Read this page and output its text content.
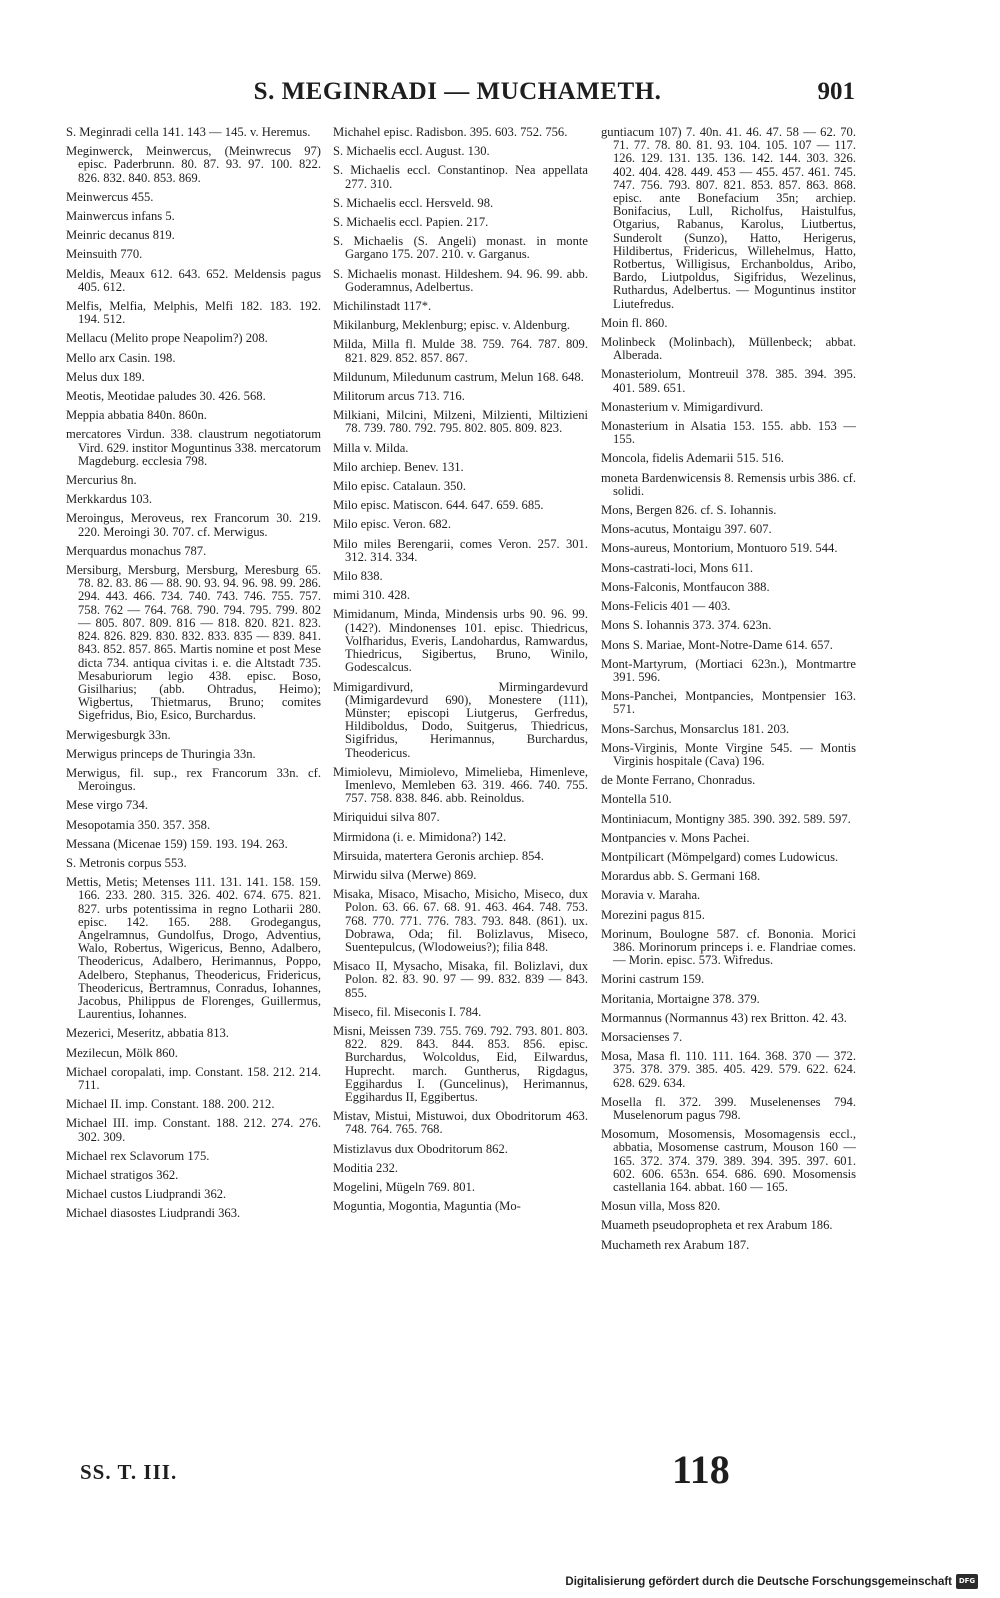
S. MEGINRADI — MUCHAMETH.	901

S. Meginradi cella 141. 143 — 145. v. Heremus.

Meginwerck, Meinwercus, (Meinwrecus 97) episc. Paderbrunn. 80. 87. 93. 97. 100. 822. 826. 832. 840. 853. 869.

Meinwercus 455.

Mainwercus infans 5.

Meinric decanus 819.

Meinsuith 770.

Meldis, Meaux 612. 643. 652. Meldensis pagus 405. 612.

Melfis, Melfia, Melphis, Melfi 182. 183. 192. 194. 512.

Mellacu (Melito prope Neapolim?) 208.

Mello arx Casin. 198.

Melus dux 189.

Meotis, Meotidae paludes 30. 426. 568.

Meppia abbatia 840n. 860n.

mercatores Virdun. 338. claustrum negotiatorum Vird. 629. institor Moguntinus 338. mercatorum Magdeburg. ecclesia 798.

Mercurius 8n.

Merkkardus 103.

Meroingus, Meroveus, rex Francorum 30. 219. 220. Meroingi 30. 707. cf. Merwigus.

Merquardus monachus 787.

Mersiburg, Mersburg, Mersburg, Meresburg 65. 78. 82. 83. 86 — 88. 90. 93. 94. 96. 98. 99. 286. 294. 443. 466. 734. 740. 743. 746. 755. 757. 758. 762 — 764. 768. 790. 794. 795. 799. 802 — 805. 807. 809. 816 — 818. 820. 821. 823. 824. 826. 829. 830. 832. 833. 835 — 839. 841. 843. 852. 857. 865. Martis nomine et post Mese dicta 734. antiqua civitas i. e. die Altstadt 735. Mesaburiorum legio 438. episc. Boso, Gisilharius; (abb. Ohtradus, Heimo); Wigbertus, Thietmarus, Bruno; comites Sigefridus, Bio, Esico, Burchardus.

Merwigesburgk 33n.

Merwigus princeps de Thuringia 33n.

Merwigus, fil. sup., rex Francorum 33n. cf. Meroingus.

Mese virgo 734.

Mesopotamia 350. 357. 358.

Messana (Micenae 159) 159. 193. 194. 263.

S. Metronis corpus 553.

Mettis, Metis; Metenses 111. 131. 141. 158. 159. 166. 233. 280. 315. 326. 402. 674. 675. 821. 827. urbs potentissima in regno Lotharii 280. episc. 142. 165. 288. Grodegangus, Angelramnus, Gundolfus, Drogo, Adventius, Walo, Robertus, Wigericus, Benno, Adalbero, Theodericus, Adalbero, Herimannus, Poppo, Adelbero, Stephanus, Theodericus, Fridericus, Theodericus, Bertramnus, Conradus, Iohannes, Jacobus, Philippus de Florenges, Guillermus, Laurentius, Iohannes.

Mezerici, Meseritz, abbatia 813.

Mezilecun, Mölk 860.

Michael coropalati, imp. Constant. 158. 212. 214. 711.

Michael II. imp. Constant. 188. 200. 212.

Michael III. imp. Constant. 188. 212. 274. 276. 302. 309.

Michael rex Sclavorum 175.

Michael stratigos 362.

Michael custos Liudprandi 362.

Michael diasostes Liudprandi 363.

Michahel episc. Radisbon. 395. 603. 752. 756.

S. Michaelis eccl. August. 130.

S. Michaelis eccl. Constantinop. Nea appellata 277. 310.

S. Michaelis eccl. Hersveld. 98.

S. Michaelis eccl. Papien. 217.

S. Michaelis (S. Angeli) monast. in monte Gargano 175. 207. 210. v. Garganus.

S. Michaelis monast. Hildeshem. 94. 96. 99. abb. Goderamnus, Adelbertus.

Michilinstadt 117*.

Mikilanburg, Meklenburg; episc. v. Aldenburg.

Milda, Milla fl. Mulde 38. 759. 764. 787. 809. 821. 829. 852. 857. 867.

Mildunum, Miledunum castrum, Melun 168. 648.

Militorum arcus 713. 716.

Milkiani, Milcini, Milzeni, Milzienti, Miltizieni 78. 739. 780. 792. 795. 802. 805. 809. 823.

Milla v. Milda.

Milo archiep. Benev. 131.

Milo episc. Catalaun. 350.

Milo episc. Matiscon. 644. 647. 659. 685.

Milo episc. Veron. 682.

Milo miles Berengarii, comes Veron. 257. 301. 312. 314. 334.

Milo 838.

mimi 310. 428.

Mimidanum, Minda, Mindensis urbs 90. 96. 99. (142?). Mindonenses 101. episc. Thiedricus, Volfharidus, Everis, Landohardus, Ramwardus, Thiedricus, Sigibertus, Bruno, Winilo, Godescalcus.

Mimigardivurd, Mirmingardevurd (Mimigardevurd 690), Monestere (111), Münster; episcopi Liutgerus, Gerfredus, Hildiboldus, Dodo, Suitgerus, Thiedricus, Sigifridus, Herimannus, Burchardus, Theodericus.

Mimiolevu, Mimiolevo, Mimelieba, Himenleve, Imenlevo, Memleben 63. 319. 466. 740. 755. 757. 758. 838. 846. abb. Reinoldus.

Miriquidui silva 807.

Mirmidona (i. e. Mimidona?) 142.

Mirsuida, matertera Geronis archiep. 854.

Mirwidu silva (Merwe) 869.

Misaka, Misaco, Misacho, Misicho, Miseco, dux Polon. 63. 66. 67. 68. 91. 463. 464. 748. 753. 768. 770. 771. 776. 783. 793. 848. (861). ux. Dobrawa, Oda; fil. Bolizlavus, Miseco, Suentepulcus, (Wlodoweius?); filia 848.

Misaco II, Mysacho, Misaka, fil. Bolizlavi, dux Polon. 82. 83. 90. 97 — 99. 832. 839 — 843. 855.

Miseco, fil. Miseconis I. 784.

Misni, Meissen 739. 755. 769. 792. 793. 801. 803. 822. 829. 843. 844. 853. 856. episc. Burchardus, Wolcoldus, Eid, Eilwardus, Huprecht. march. Guntherus, Rigdagus, Eggihardus I. (Guncelinus), Herimannus, Eggihardus II, Eggibertus.

Mistav, Mistui, Mistuwoi, dux Obodritorum 463. 748. 764. 765. 768.

Mistizlavus dux Obodritorum 862.

Moditia 232.

Mogelini, Mügeln 769. 801.

Moguntia, Mogontia, Maguntia (Mo-

guntiacum 107) 7. 40n. 41. 46. 47. 58 — 62. 70. 71. 77. 78. 80. 81. 93. 104. 105. 107 — 117. 126. 129. 131. 135. 136. 142. 144. 303. 326. 402. 404. 428. 449. 453 — 455. 457. 461. 745. 747. 756. 793. 807. 821. 853. 857. 863. 868. episc. ante Bonefacium 35n; archiep. Bonifacius, Lull, Richolfus, Haistulfus, Otgarius, Rabanus, Karolus, Liutbertus, Sunderolt (Sunzo), Hatto, Herigerus, Hildibertus, Fridericus, Willehelmus, Hatto, Rotbertus, Willigisus, Erchanboldus, Aribo, Bardo, Liutpoldus, Sigifridus, Wezelinus, Ruthardus, Adelbertus. — Moguntinus institor Liutefredus.

Moin fl. 860.

Molinbeck (Molinbach), Müllenbeck; abbat. Alberada.

Monasteriolum, Montreuil 378. 385. 394. 395. 401. 589. 651.

Monasterium v. Mimigardivurd.

Monasterium in Alsatia 153. 155. abb. 153 — 155.

Moncola, fidelis Ademarii 515. 516.

moneta Bardenwicensis 8. Remensis urbis 386. cf. solidi.

Mons, Bergen 826. cf. S. Iohannis.

Mons-acutus, Montaigu 397. 607.

Mons-aureus, Montorium, Montuoro 519. 544.

Mons-castrati-loci, Mons 611.

Mons-Falconis, Montfaucon 388.

Mons-Felicis 401 — 403.

Mons S. Iohannis 373. 374. 623n.

Mons S. Mariae, Mont-Notre-Dame 614. 657.

Mont-Martyrum, (Mortiaci 623n.), Montmartre 391. 596.

Mons-Panchei, Montpancies, Montpensier 163. 571.

Mons-Sarchus, Monsarclus 181. 203.

Mons-Virginis, Monte Virgine 545. — Montis Virginis hospitale (Cava) 196.

de Monte Ferrano, Chonradus.

Montella 510.

Montiniacum, Montigny 385. 390. 392. 589. 597.

Montpancies v. Mons Pachei.

Montpilicart (Mömpelgard) comes Ludowicus.

Morardus abb. S. Germani 168.

Moravia v. Maraha.

Morezini pagus 815.

Morinum, Boulogne 587. cf. Bononia. Morici 386. Morinorum princeps i. e. Flandriae comes. — Morin. episc. 573. Wifredus.

Morini castrum 159.

Moritania, Mortaigne 378. 379.

Mormannus (Normannus 43) rex Britton. 42. 43.

Morsacienses 7.

Mosa, Masa fl. 110. 111. 164. 368. 370 — 372. 375. 378. 379. 385. 405. 429. 579. 622. 624. 628. 629. 634.

Mosella fl. 372. 399. Muselenenses 794. Muselenorum pagus 798.

Mosomum, Mosomensis, Mosomagensis eccl., abbatia, Mosomense castrum, Mouson 160 — 165. 372. 374. 379. 389. 394. 395. 397. 601. 602. 606. 653n. 654. 686. 690. Mosomensis castellania 164. abbat. 160 — 165.

Mosun villa, Moss 820.

Muameth pseudopropheta et rex Arabum 186.

Muchameth rex Arabum 187.

SS. T. III.	118
Digitalisierung gefördert durch die Deutsche Forschungsgemeinschaft DFG
